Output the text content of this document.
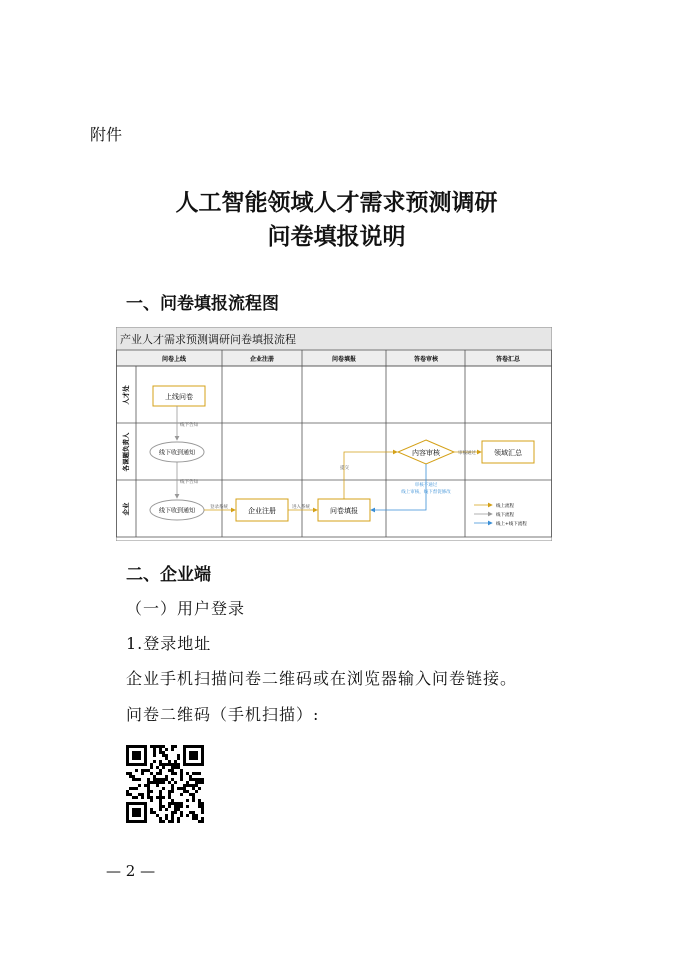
附件
人工智能领域人才需求预测调研
问卷填报说明
一、问卷填报流程图
产业人才需求预测调研问卷填报流程
问卷上线	企业注册	问卷填报	答卷审核	答卷汇总
人才处
各课题负责人
企业
上线问卷
线下收到通知
线下收到通知	企业注册	问卷填报
内容审核	领域汇总
线下告知
线下告知
登录系统	进入系统
提交
审核通过
审核不通过
线上审核，线下督促修改
线上流程
线下流程
线上+线下流程
二、企业端
（一）用户登录
1.登录地址
企业手机扫描问卷二维码或在浏览器输入问卷链接。
问卷二维码（手机扫描）:
— 2 —
